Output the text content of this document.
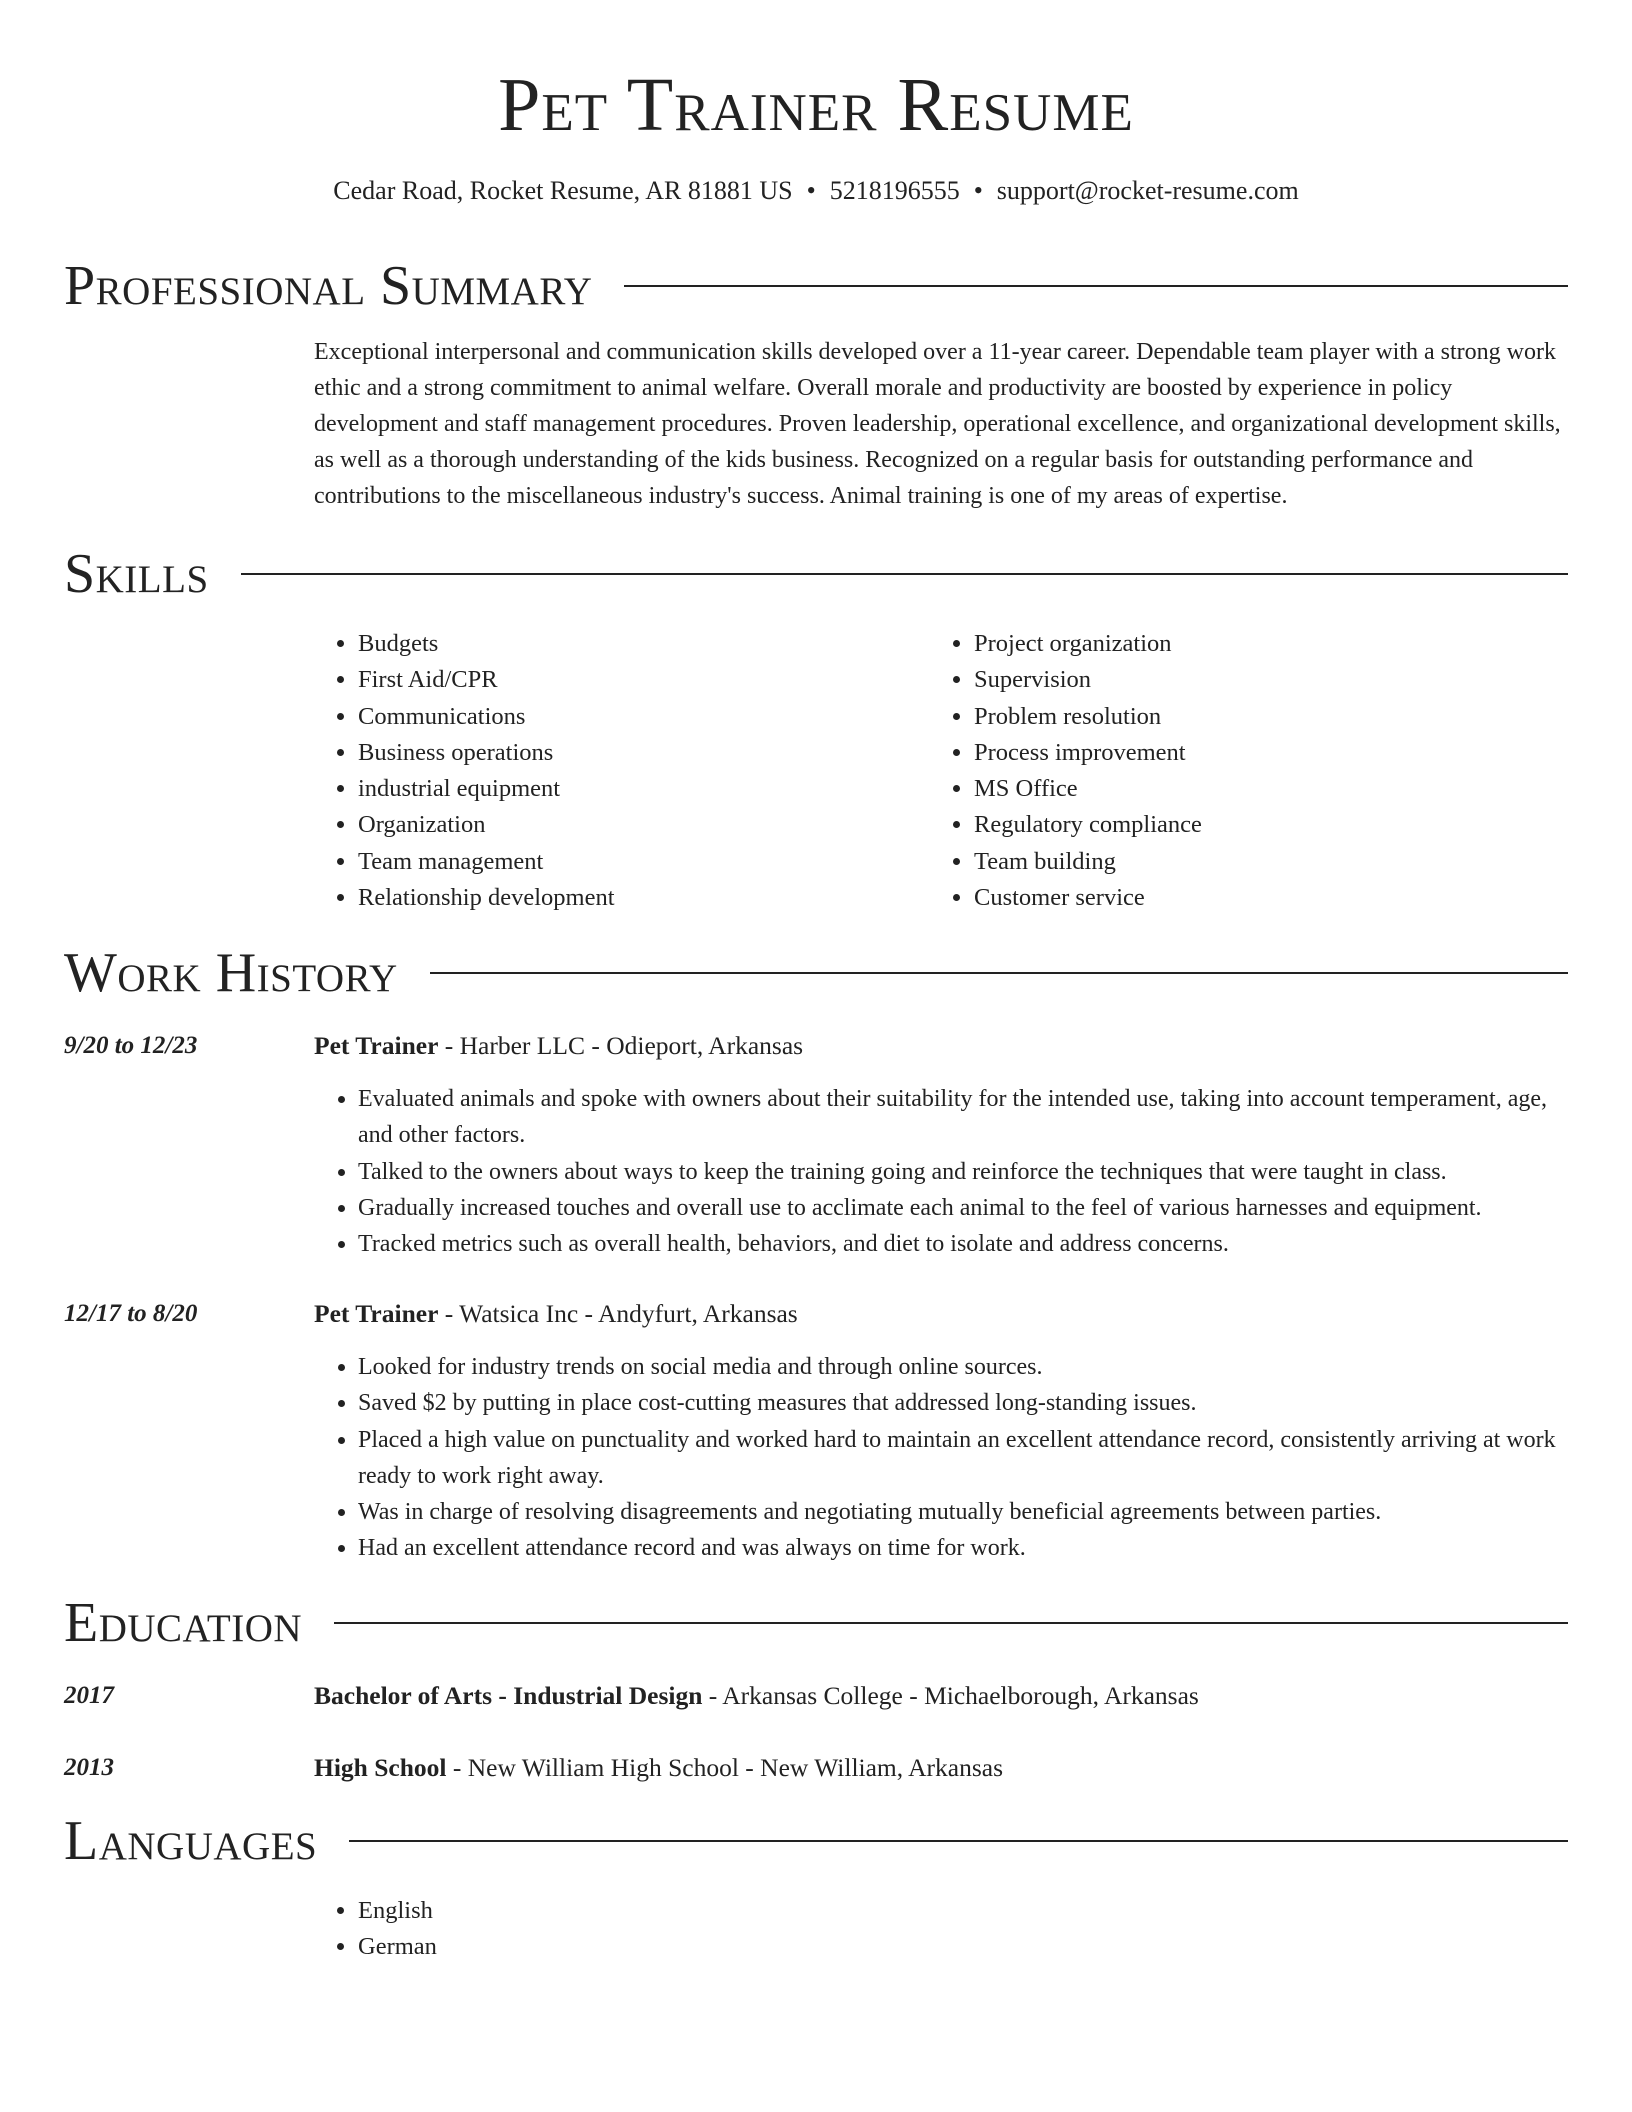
Pet Trainer Resume
Cedar Road, Rocket Resume, AR 81881 US • 5218196555 • support@rocket-resume.com
Professional Summary

Exceptional interpersonal and communication skills developed over a 11-year career. Dependable team player with a strong work ethic and a strong commitment to animal welfare. Overall morale and productivity are boosted by experience in policy development and staff management procedures. Proven leadership, operational excellence, and organizational development skills, as well as a thorough understanding of the kids business. Recognized on a regular basis for outstanding performance and contributions to the miscellaneous industry's success. Animal training is one of my areas of expertise.

Skills
• Budgets
• First Aid/CPR
• Communications
• Business operations
• industrial equipment
• Organization
• Team management
• Relationship development
• Project organization
• Supervision
• Problem resolution
• Process improvement
• MS Office
• Regulatory compliance
• Team building
• Customer service
Work History
9/20 to 12/23	Pet Trainer - Harber LLC - Odieport, Arkansas
• Evaluated animals and spoke with owners about their suitability for the intended use, taking into account temperament, age, and other factors.
• Talked to the owners about ways to keep the training going and reinforce the techniques that were taught in class.
• Gradually increased touches and overall use to acclimate each animal to the feel of various harnesses and equipment.
• Tracked metrics such as overall health, behaviors, and diet to isolate and address concerns.
12/17 to 8/20	Pet Trainer - Watsica Inc - Andyfurt, Arkansas
• Looked for industry trends on social media and through online sources.
• Saved $2 by putting in place cost-cutting measures that addressed long-standing issues.
• Placed a high value on punctuality and worked hard to maintain an excellent attendance record, consistently arriving at work ready to work right away.
• Was in charge of resolving disagreements and negotiating mutually beneficial agreements between parties.
• Had an excellent attendance record and was always on time for work.
Education
2017	Bachelor of Arts - Industrial Design - Arkansas College - Michaelborough, Arkansas
2013	High School - New William High School - New William, Arkansas
Languages
• English
• German
